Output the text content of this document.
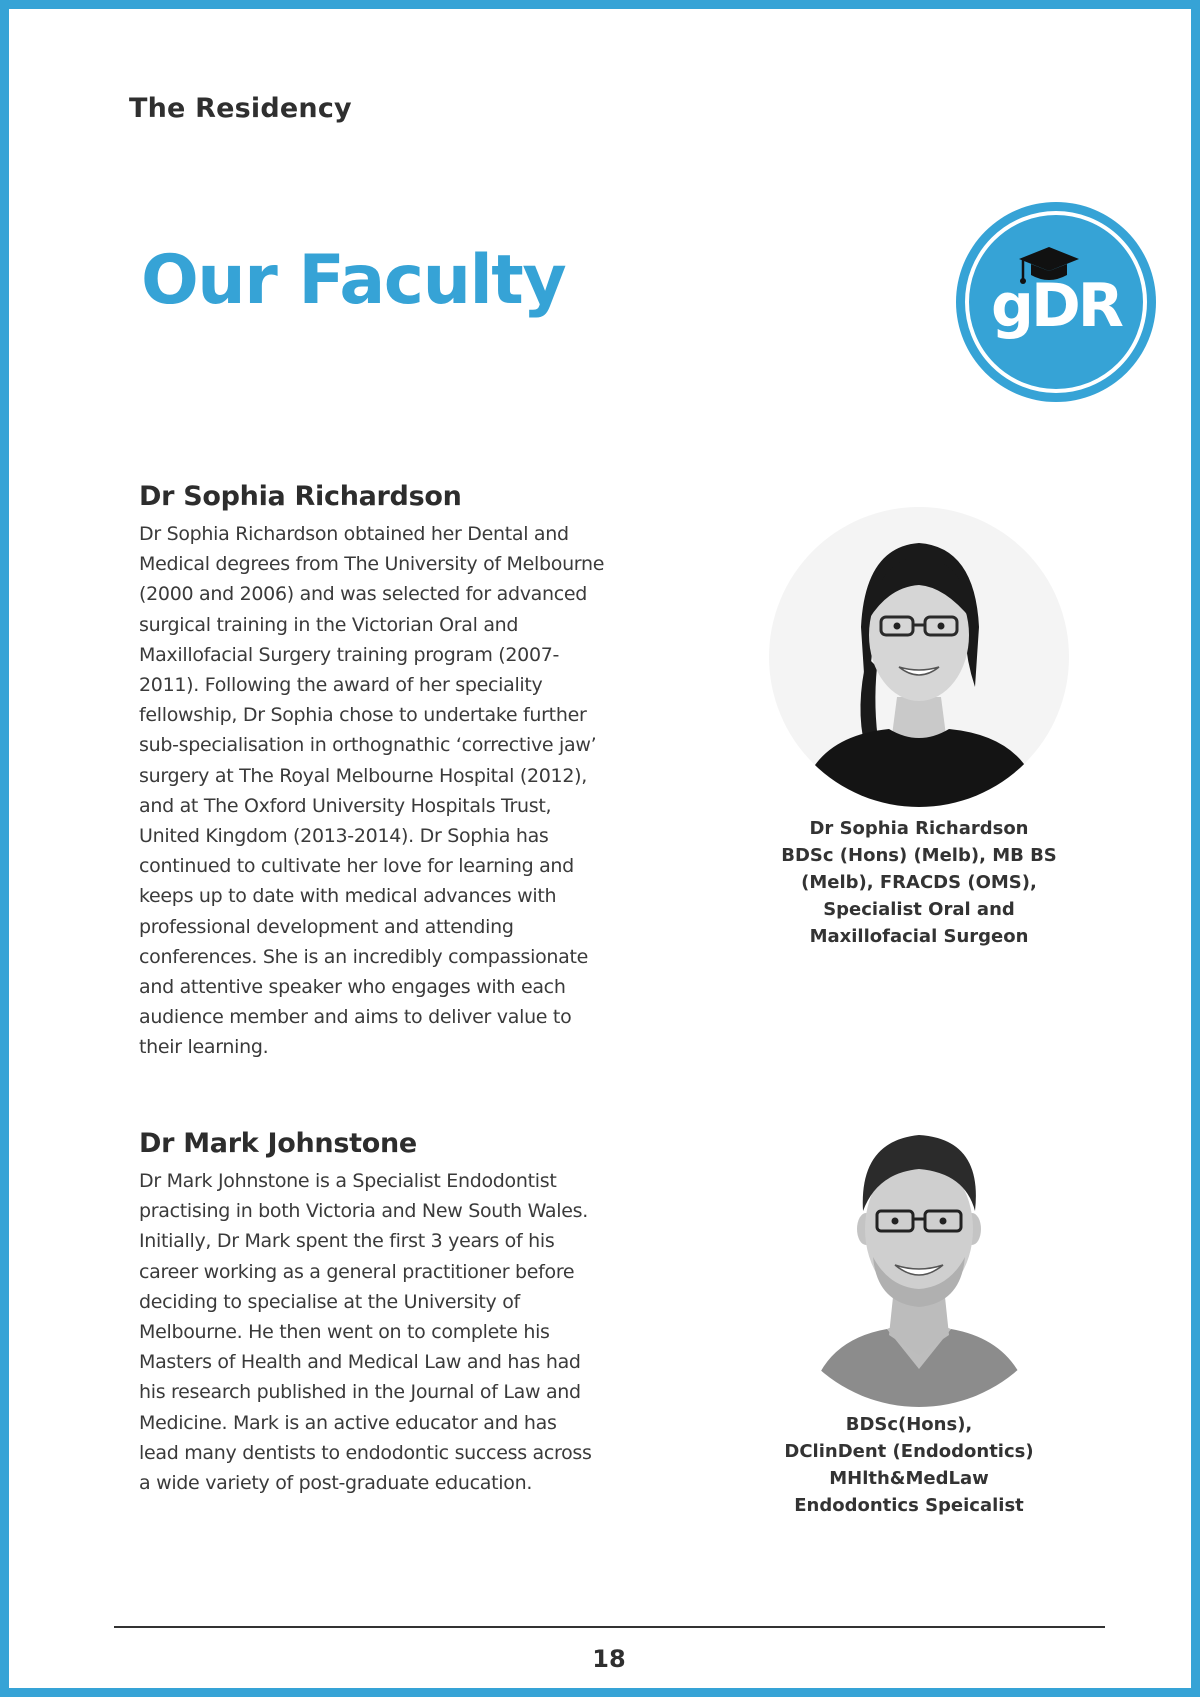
The Residency
Our Faculty	gDR
Dr Sophia Richardson
Dr Sophia Richardson obtained her Dental and
Medical degrees from The University of Melbourne
(2000 and 2006) and was selected for advanced
surgical training in the Victorian Oral and
Maxillofacial Surgery training program (2007-
2011). Following the award of her speciality
fellowship, Dr Sophia chose to undertake further
sub-specialisation in orthognathic ‘corrective jaw’
surgery at The Royal Melbourne Hospital (2012),
and at The Oxford University Hospitals Trust,
United Kingdom (2013-2014). Dr Sophia has
continued to cultivate her love for learning and
keeps up to date with medical advances with
professional development and attending
conferences. She is an incredibly compassionate
and attentive speaker who engages with each
audience member and aims to deliver value to
their learning.
Dr Sophia Richardson
BDSc (Hons) (Melb), MB BS
(Melb), FRACDS (OMS),
Specialist Oral and
Maxillofacial Surgeon
Dr Mark Johnstone
Dr Mark Johnstone is a Specialist Endodontist
practising in both Victoria and New South Wales.
Initially, Dr Mark spent the first 3 years of his
career working as a general practitioner before
deciding to specialise at the University of
Melbourne. He then went on to complete his
Masters of Health and Medical Law and has had
his research published in the Journal of Law and
Medicine. Mark is an active educator and has
lead many dentists to endodontic success across
a wide variety of post-graduate education.
BDSc(Hons),
DClinDent (Endodontics)
MHlth&MedLaw
Endodontics Speicalist
18
